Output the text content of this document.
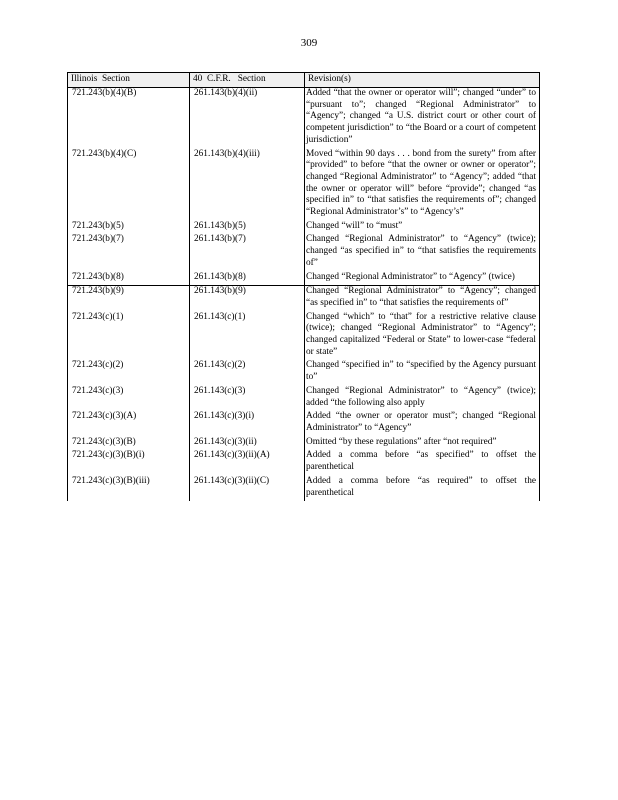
309
Illinois  Section	40  C.F.R.   Section	Revision(s)
721.243(b)(4)(B)	261.143(b)(4)(ii)	Added “that the owner or operator will”; changed “under” to “pursuant to”; changed “Regional Administrator” to “Agency”; changed “a U.S. district court or other court of competent jurisdiction” to “the Board or a court of competent jurisdiction”
721.243(b)(4)(C)	261.143(b)(4)(iii)	Moved “within 90 days . . . bond from the surety” from after “provided” to before “that the owner or owner or operator”; changed “Regional Administrator” to “Agency”; added “that the owner or operator will” before “provide”; changed “as specified in” to “that satisfies the requirements of”; changed “Regional Administrator’s” to “Agency’s”
721.243(b)(5)	261.143(b)(5)	Changed “will” to “must”
721.243(b)(7)	261.143(b)(7)	Changed “Regional Administrator” to “Agency” (twice); changed “as specified in” to “that satisfies the requirements of”
721.243(b)(8)	261.143(b)(8)	Changed “Regional Administrator” to “Agency” (twice)
721.243(b)(9)	261.143(b)(9)	Changed “Regional Administrator” to “Agency”; changed “as specified in” to “that satisfies the requirements of”
721.243(c)(1)	261.143(c)(1)	Changed “which” to “that” for a restrictive relative clause (twice); changed “Regional Administrator” to “Agency”; changed capitalized “Federal or State” to lower-case “federal or state”
721.243(c)(2)	261.143(c)(2)	Changed “specified in” to “specified by the Agency pursuant to”
721.243(c)(3)	261.143(c)(3)	Changed “Regional Administrator” to “Agency” (twice); added “the following also apply
721.243(c)(3)(A)	261.143(c)(3)(i)	Added “the owner or operator must”; changed “Regional Administrator” to “Agency”
721.243(c)(3)(B)	261.143(c)(3)(ii)	Omitted “by these regulations” after “not required”
721.243(c)(3)(B)(i)	261.143(c)(3)(ii)(A)	Added a comma before “as specified” to offset the parenthetical
721.243(c)(3)(B)(iii)	261.143(c)(3)(ii)(C)	Added a comma before “as required” to offset the parenthetical
